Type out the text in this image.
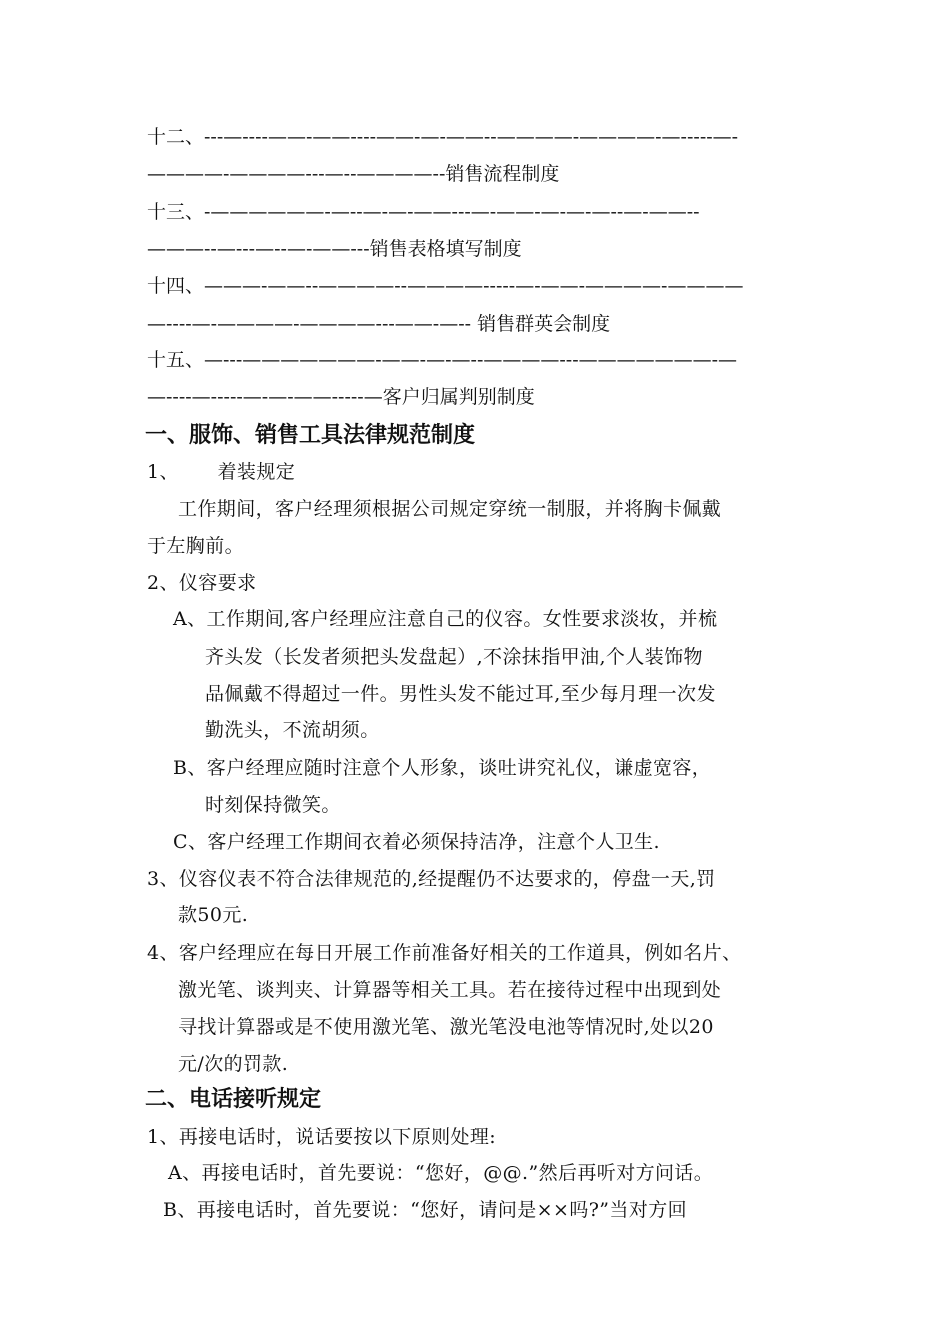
十二、---—----——-——----——-—-——--————-————-—-----—-
————-————---—--————--销售流程制度
十三、-——————-—--—-—-——---—-——-—-—-—--—-——--
———--—---—--—-——---销售表格填写制度
十四、———-——--————--————-----—-——-————-————
—----—-————-————---——-—-- 销售群英会制度
十五、—---———————-——-—-—--————---———————-—
—----—-----—-—-——-----—客户归属判别制度
一、服饰、销售工具法律规范制度
1、      着装规定
工作期间，客户经理须根据公司规定穿统一制服，并将胸卡佩戴
于左胸前。
2、仪容要求
A、工作期间,客户经理应注意自己的仪容。女性要求淡妆，并梳
齐头发（长发者须把头发盘起）,不涂抹指甲油,个人装饰物
品佩戴不得超过一件。男性头发不能过耳,至少每月理一次发
勤洗头，不流胡须。
B、客户经理应随时注意个人形象，谈吐讲究礼仪，谦虚宽容，
时刻保持微笑。
C、客户经理工作期间衣着必须保持洁净，注意个人卫生.
3、仪容仪表不符合法律规范的,经提醒仍不达要求的，停盘一天,罚
款50元.
4、客户经理应在每日开展工作前准备好相关的工作道具，例如名片、
激光笔、谈判夹、计算器等相关工具。若在接待过程中出现到处
寻找计算器或是不使用激光笔、激光笔没电池等情况时,处以20
元/次的罚款.
二、电话接听规定
1、再接电话时，说话要按以下原则处理:
A、再接电话时，首先要说：“您好，@@.”然后再听对方问话。
B、再接电话时，首先要说：“您好，请问是××吗?”当对方回
